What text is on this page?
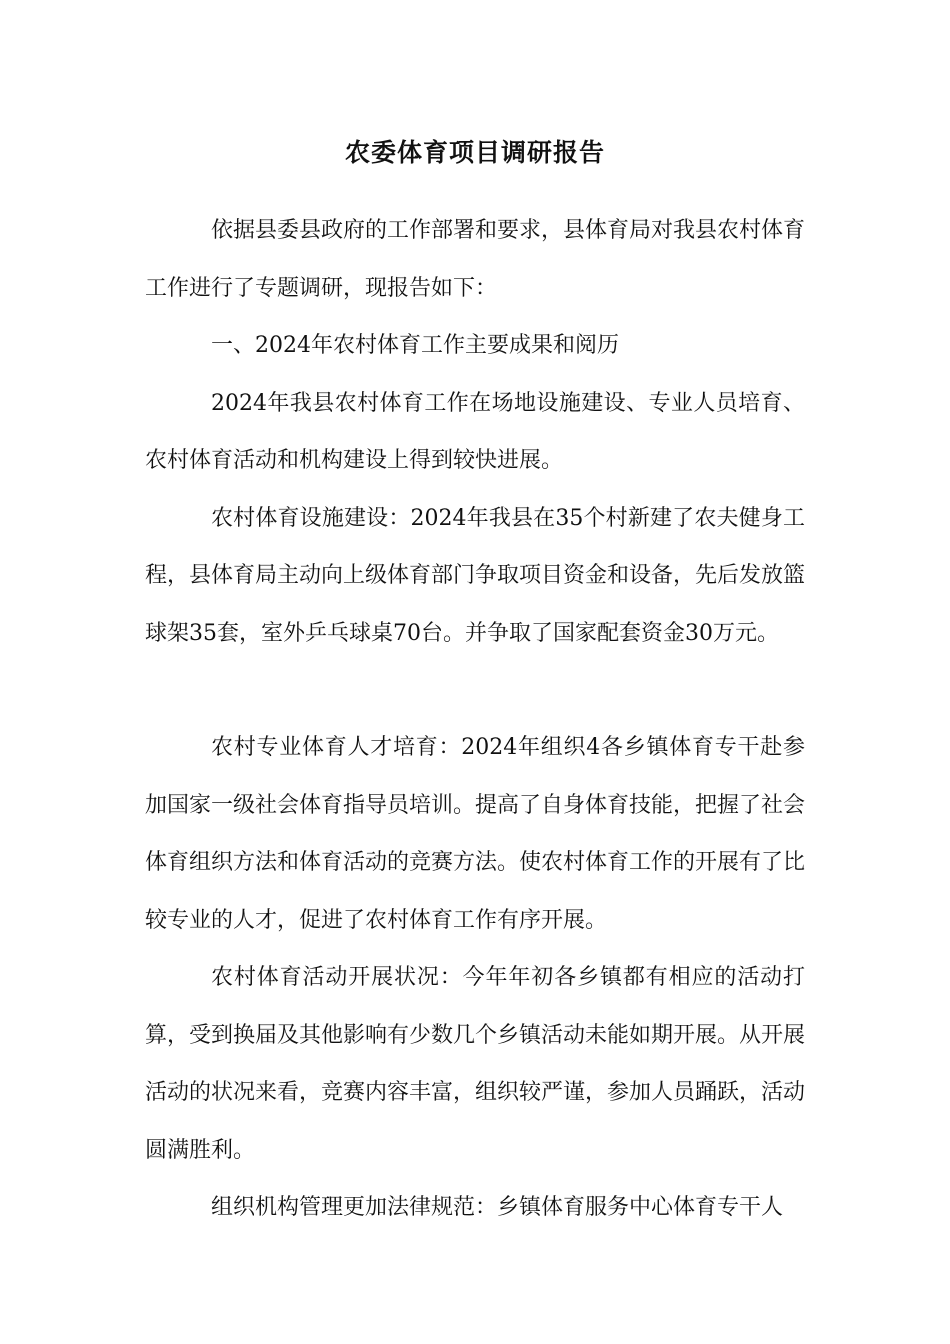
农委体育项目调研报告

依据县委县政府的工作部署和要求，县体育局对我县农村体育工作进行了专题调研，现报告如下：

一、2024年农村体育工作主要成果和阅历

2024年我县农村体育工作在场地设施建设、专业人员培育、农村体育活动和机构建设上得到较快进展。

农村体育设施建设：2024年我县在35个村新建了农夫健身工程，县体育局主动向上级体育部门争取项目资金和设备，先后发放篮球架35套，室外乒乓球桌70台。并争取了国家配套资金30万元。

农村专业体育人才培育：2024年组织4各乡镇体育专干赴参加国家一级社会体育指导员培训。提高了自身体育技能，把握了社会体育组织方法和体育活动的竞赛方法。使农村体育工作的开展有了比较专业的人才，促进了农村体育工作有序开展。

农村体育活动开展状况：今年年初各乡镇都有相应的活动打算，受到换届及其他影响有少数几个乡镇活动未能如期开展。从开展活动的状况来看，竞赛内容丰富，组织较严谨，参加人员踊跃，活动圆满胜利。

组织机构管理更加法律规范：乡镇体育服务中心体育专干人
